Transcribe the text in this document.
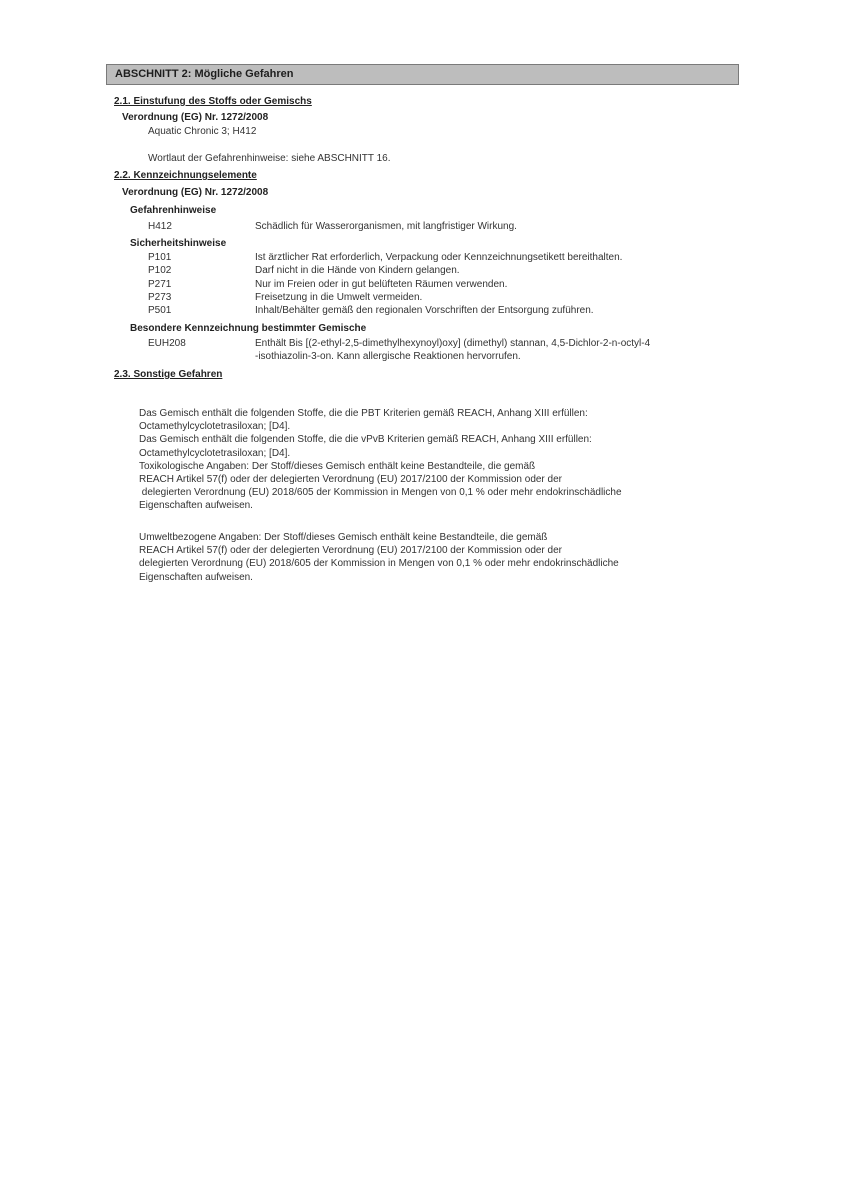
ABSCHNITT 2: Mögliche Gefahren
2.1. Einstufung des Stoffs oder Gemischs
Verordnung (EG) Nr. 1272/2008
Aquatic Chronic 3; H412
Wortlaut der Gefahrenhinweise: siehe ABSCHNITT 16.
2.2. Kennzeichnungselemente
Verordnung (EG) Nr. 1272/2008
Gefahrenhinweise
H412	Schädlich für Wasserorganismen, mit langfristiger Wirkung.
Sicherheitshinweise
P101	Ist ärztlicher Rat erforderlich, Verpackung oder Kennzeichnungsetikett bereithalten.
P102	Darf nicht in die Hände von Kindern gelangen.
P271	Nur im Freien oder in gut belüfteten Räumen verwenden.
P273	Freisetzung in die Umwelt vermeiden.
P501	Inhalt/Behälter gemäß den regionalen Vorschriften der Entsorgung zuführen.
Besondere Kennzeichnung bestimmter Gemische
EUH208	Enthält Bis [(2-ethyl-2,5-dimethylhexynoyl)oxy] (dimethyl) stannan, 4,5-Dichlor-2-n-octyl-4
-isothiazolin-3-on. Kann allergische Reaktionen hervorrufen.
2.3. Sonstige Gefahren
Das Gemisch enthält die folgenden Stoffe, die die PBT Kriterien gemäß REACH, Anhang XIII erfüllen:
Octamethylcyclotetrasiloxan; [D4].
Das Gemisch enthält die folgenden Stoffe, die die vPvB Kriterien gemäß REACH, Anhang XIII erfüllen:
Octamethylcyclotetrasiloxan; [D4].
Toxikologische Angaben: Der Stoff/dieses Gemisch enthält keine Bestandteile, die gemäß
REACH Artikel 57(f) oder der delegierten Verordnung (EU) 2017/2100 der Kommission oder der
delegierten Verordnung (EU) 2018/605 der Kommission in Mengen von 0,1 % oder mehr endokrinschädliche
Eigenschaften aufweisen.
Umweltbezogene Angaben: Der Stoff/dieses Gemisch enthält keine Bestandteile, die gemäß
REACH Artikel 57(f) oder der delegierten Verordnung (EU) 2017/2100 der Kommission oder der
delegierten Verordnung (EU) 2018/605 der Kommission in Mengen von 0,1 % oder mehr endokrinschädliche
Eigenschaften aufweisen.
